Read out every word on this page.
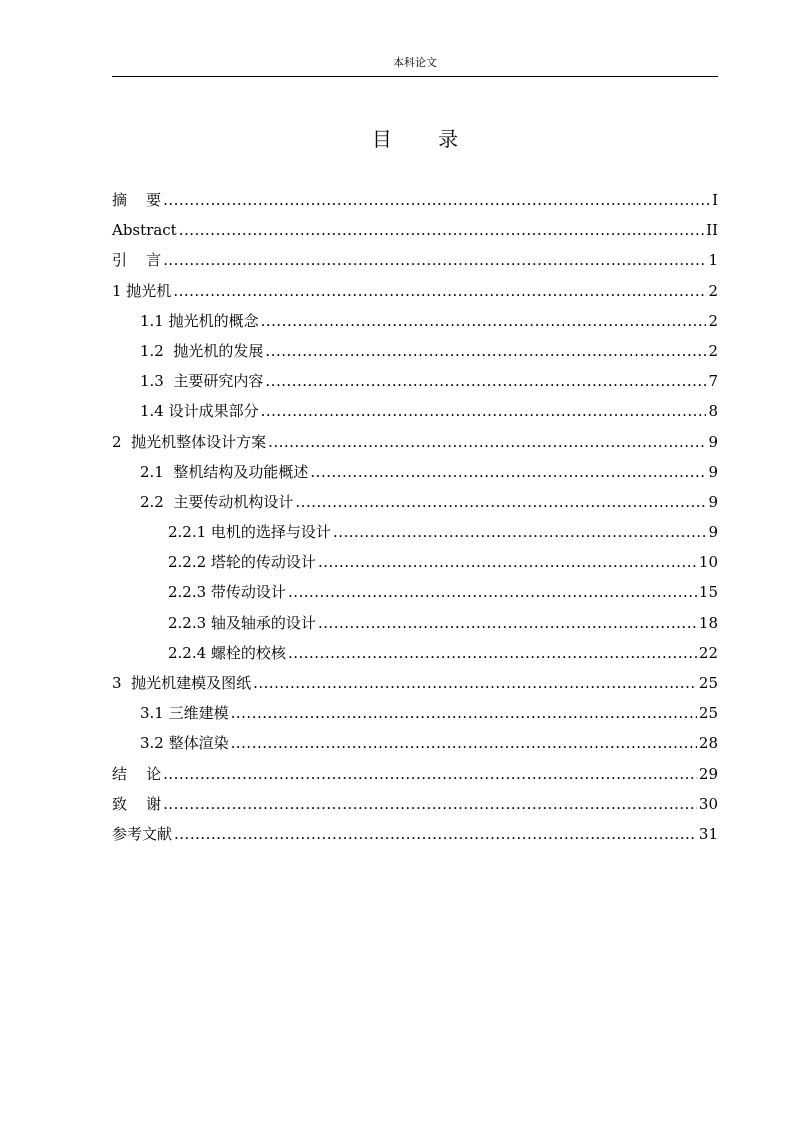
本科论文
目 录
摘    要 .....	I
Abstract .....	II
引    言 .....	1
1 抛光机 .....	2
1.1 抛光机的概念 .....	2
1.2  抛光机的发展 .....	2
1.3  主要研究内容 .....	7
1.4 设计成果部分 .....	8
2  抛光机整体设计方案 .....	9
2.1  整机结构及功能概述 .....	9
2.2  主要传动机构设计 .....	9
2.2.1 电机的选择与设计 .....	9
2.2.2 塔轮的传动设计 .....	10
2.2.3 带传动设计 .....	15
2.2.3 轴及轴承的设计 .....	18
2.2.4 螺栓的校核 .....	22
3  抛光机建模及图纸 .....	25
3.1 三维建模 .....	25
3.2 整体渲染 .....	28
结    论 .....	29
致    谢 .....	30
参考文献 .....	31
